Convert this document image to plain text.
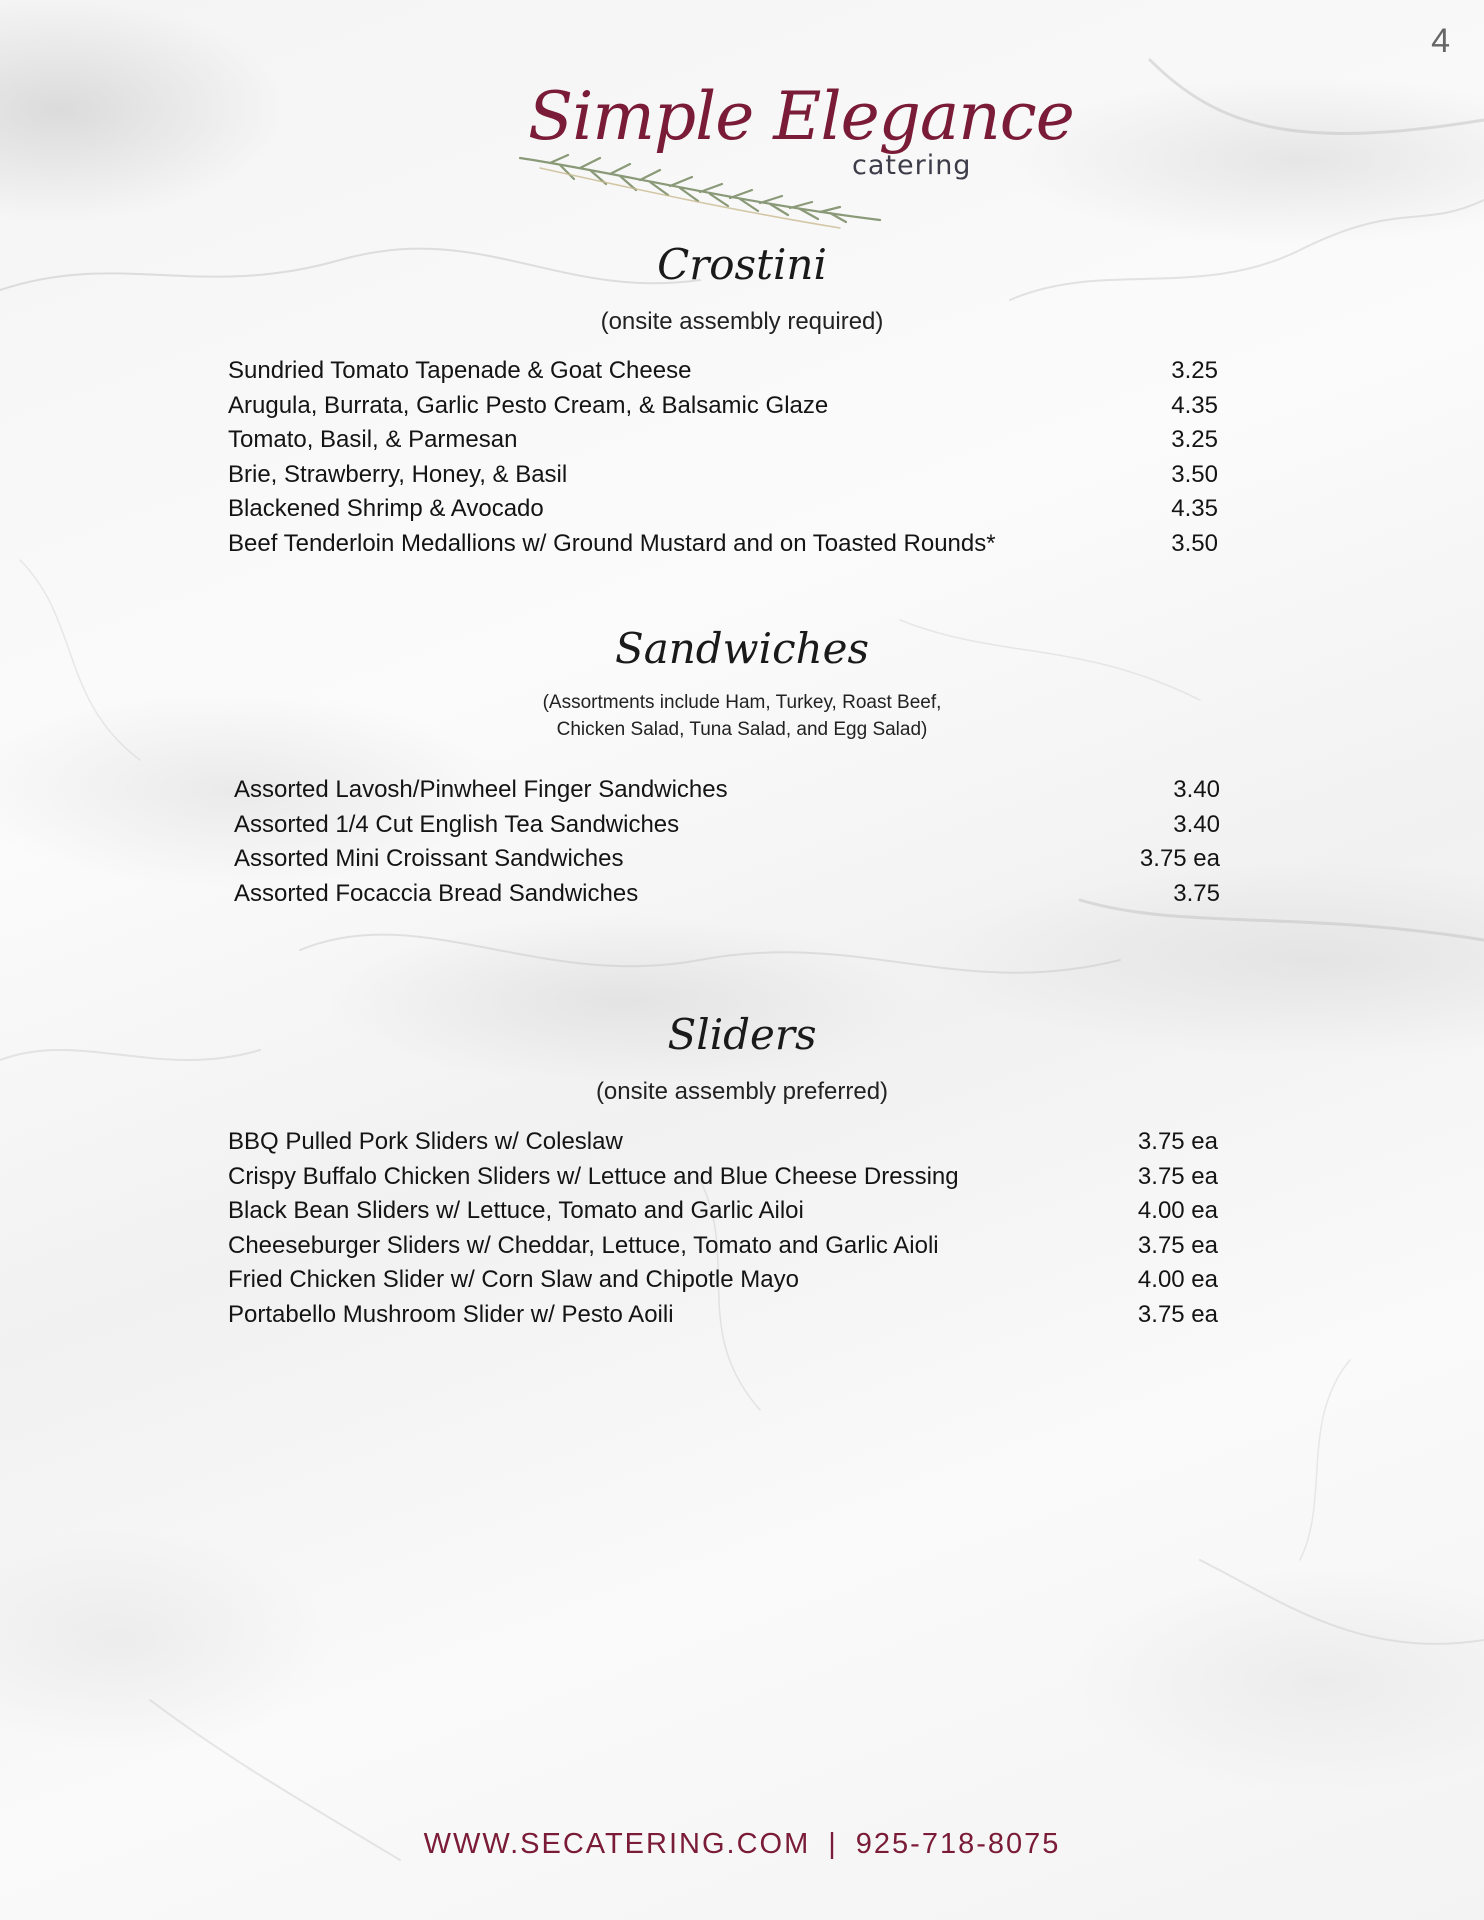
4
Simple Elegance
catering
Crostini
(onsite assembly required)
Sundried Tomato Tapenade & Goat Cheese	3.25
Arugula, Burrata, Garlic Pesto Cream, & Balsamic Glaze	4.35
Tomato, Basil, & Parmesan	3.25
Brie, Strawberry, Honey, & Basil	3.50
Blackened Shrimp & Avocado	4.35
Beef Tenderloin Medallions w/ Ground Mustard and on Toasted Rounds*	3.50
Sandwiches
(Assortments include Ham, Turkey, Roast Beef,
Chicken Salad, Tuna Salad, and Egg Salad)
Assorted Lavosh/Pinwheel Finger Sandwiches	3.40
Assorted 1/4 Cut English Tea Sandwiches	3.40
Assorted Mini Croissant Sandwiches	3.75 ea
Assorted Focaccia Bread Sandwiches	3.75
Sliders
(onsite assembly preferred)
BBQ Pulled Pork Sliders w/ Coleslaw	3.75 ea
Crispy Buffalo Chicken Sliders w/ Lettuce and Blue Cheese Dressing	3.75 ea
Black Bean Sliders w/ Lettuce, Tomato and Garlic Ailoi	4.00 ea
Cheeseburger Sliders w/ Cheddar, Lettuce, Tomato and Garlic Aioli	3.75 ea
Fried Chicken Slider w/ Corn Slaw and Chipotle Mayo	4.00 ea
Portabello Mushroom Slider w/ Pesto Aoili	3.75 ea
WWW.SECATERING.COM | 925-718-8075
